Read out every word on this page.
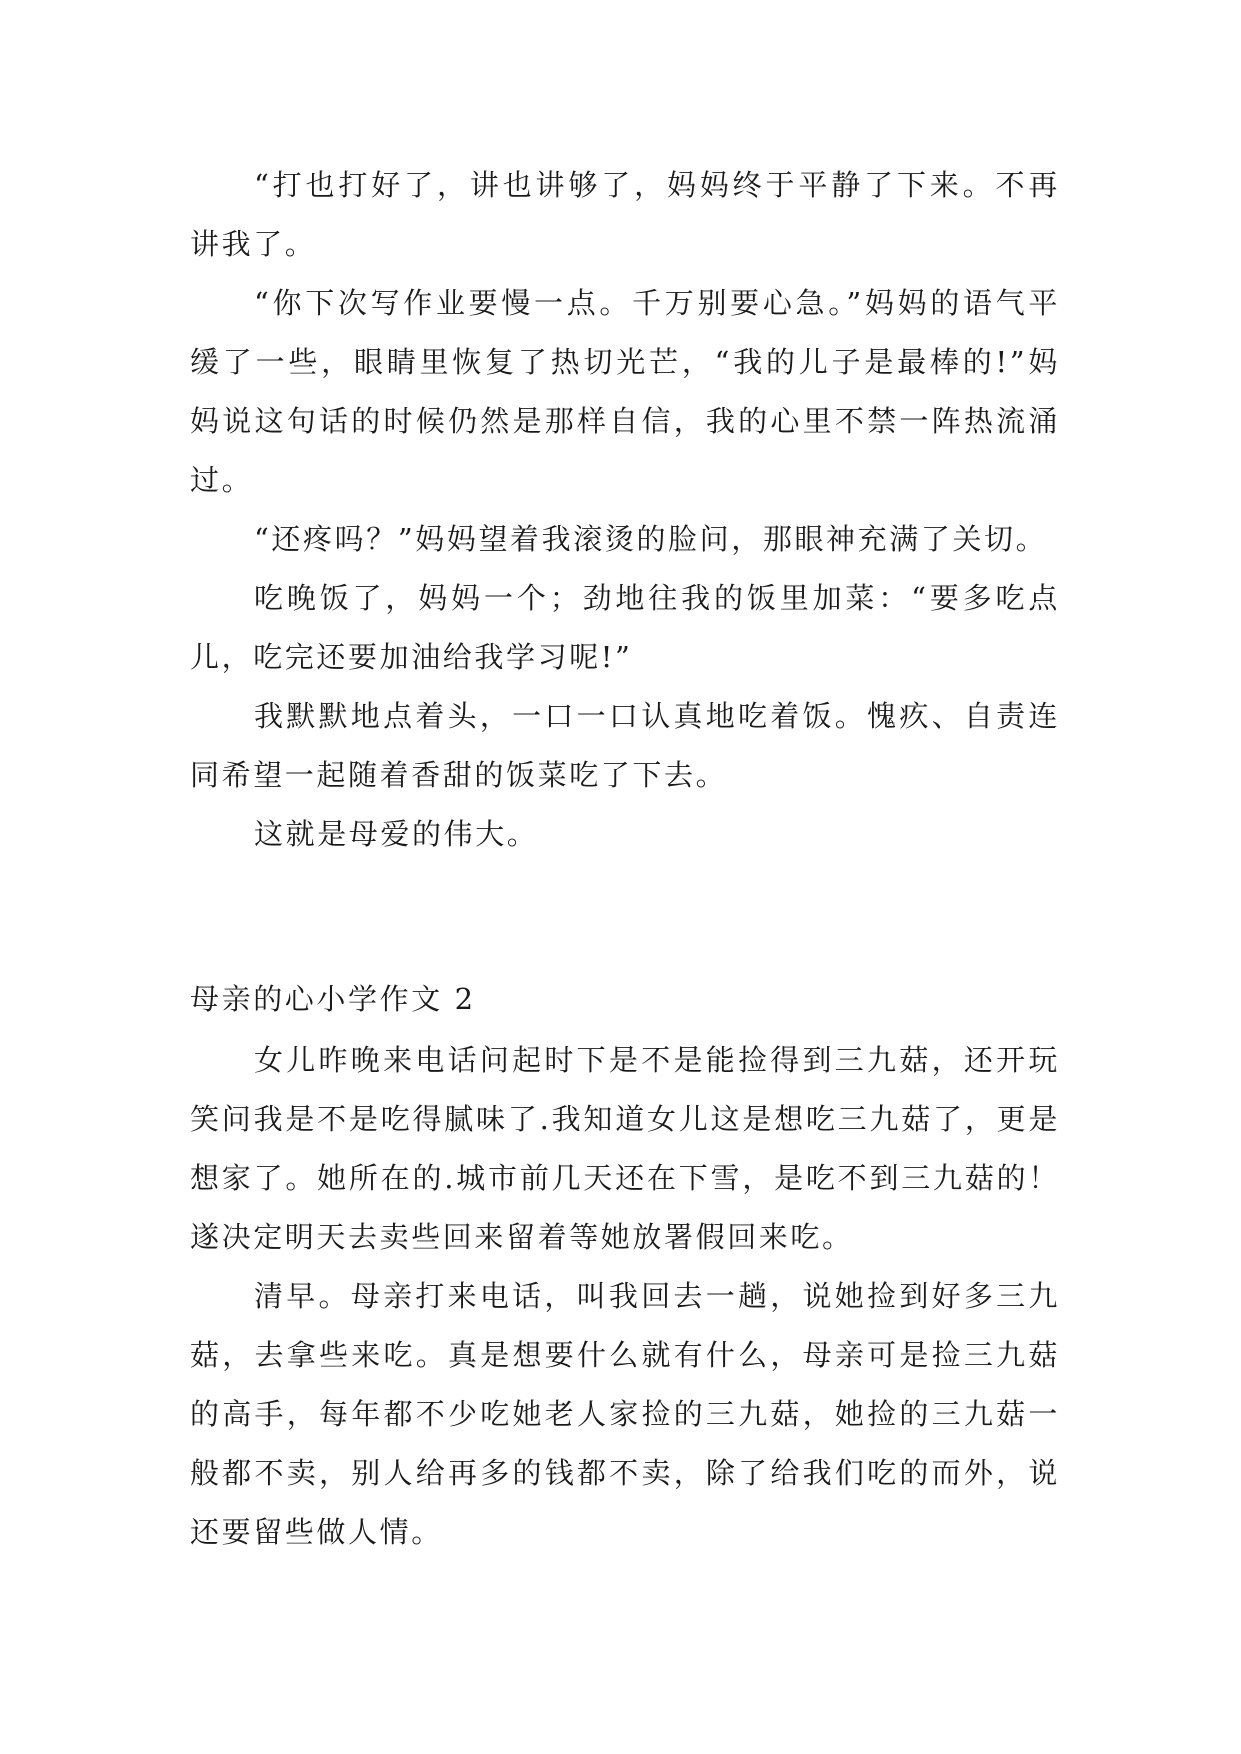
“打也打好了，讲也讲够了，妈妈终于平静了下来。不再讲我了。

“你下次写作业要慢一点。千万别要心急。”妈妈的语气平缓了一些，眼睛里恢复了热切光芒，“我的儿子是最棒的!”妈妈说这句话的时候仍然是那样自信，我的心里不禁一阵热流涌过。

“还疼吗？”妈妈望着我滚烫的脸问，那眼神充满了关切。

吃晚饭了，妈妈一个；劲地往我的饭里加菜：“要多吃点儿，吃完还要加油给我学习呢!”

我默默地点着头，一口一口认真地吃着饭。愧疚、自责连同希望一起随着香甜的饭菜吃了下去。

这就是母爱的伟大。

母亲的心小学作文 2

女儿昨晚来电话问起时下是不是能捡得到三九菇，还开玩笑问我是不是吃得腻味了.我知道女儿这是想吃三九菇了，更是想家了。她所在的.城市前几天还在下雪，是吃不到三九菇的！遂决定明天去卖些回来留着等她放署假回来吃。

清早。母亲打来电话，叫我回去一趟，说她捡到好多三九菇，去拿些来吃。真是想要什么就有什么，母亲可是捡三九菇的高手，每年都不少吃她老人家捡的三九菇，她捡的三九菇一般都不卖，别人给再多的钱都不卖，除了给我们吃的而外，说还要留些做人情。
